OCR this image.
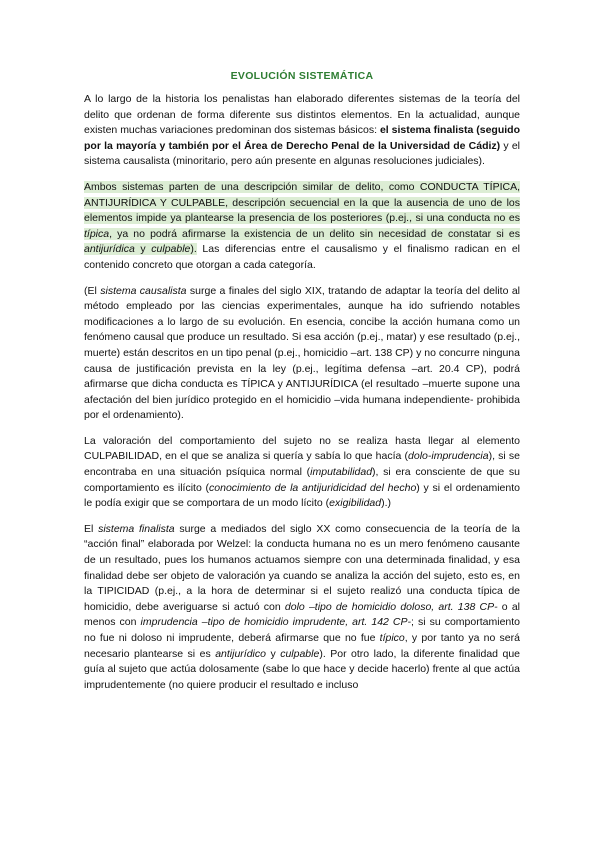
EVOLUCIÓN SISTEMÁTICA

A lo largo de la historia los penalistas han elaborado diferentes sistemas de la teoría del delito que ordenan de forma diferente sus distintos elementos. En la actualidad, aunque existen muchas variaciones predominan dos sistemas básicos: el sistema finalista (seguido por la mayoría y también por el Área de Derecho Penal de la Universidad de Cádiz) y el sistema causalista (minoritario, pero aún presente en algunas resoluciones judiciales).

Ambos sistemas parten de una descripción similar de delito, como CONDUCTA TÍPICA, ANTIJURÍDICA Y CULPABLE, descripción secuencial en la que la ausencia de uno de los elementos impide ya plantearse la presencia de los posteriores (p.ej., si una conducta no es típica, ya no podrá afirmarse la existencia de un delito sin necesidad de constatar si es antijurídica y culpable). Las diferencias entre el causalismo y el finalismo radican en el contenido concreto que otorgan a cada categoría.

(El sistema causalista surge a finales del siglo XIX, tratando de adaptar la teoría del delito al método empleado por las ciencias experimentales, aunque ha ido sufriendo notables modificaciones a lo largo de su evolución. En esencia, concibe la acción humana como un fenómeno causal que produce un resultado. Si esa acción (p.ej., matar) y ese resultado (p.ej., muerte) están descritos en un tipo penal (p.ej., homicidio –art. 138 CP) y no concurre ninguna causa de justificación prevista en la ley (p.ej., legítima defensa –art. 20.4 CP), podrá afirmarse que dicha conducta es TÍPICA y ANTIJURÍDICA (el resultado –muerte supone una afectación del bien jurídico protegido en el homicidio –vida humana independiente- prohibida por el ordenamiento).

La valoración del comportamiento del sujeto no se realiza hasta llegar al elemento CULPABILIDAD, en el que se analiza si quería y sabía lo que hacía (dolo-imprudencia), si se encontraba en una situación psíquica normal (imputabilidad), si era consciente de que su comportamiento es ilícito (conocimiento de la antijuridicidad del hecho) y si el ordenamiento le podía exigir que se comportara de un modo lícito (exigibilidad).)

El sistema finalista surge a mediados del siglo XX como consecuencia de la teoría de la “acción final” elaborada por Welzel: la conducta humana no es un mero fenómeno causante de un resultado, pues los humanos actuamos siempre con una determinada finalidad, y esa finalidad debe ser objeto de valoración ya cuando se analiza la acción del sujeto, esto es, en la TIPICIDAD (p.ej., a la hora de determinar si el sujeto realizó una conducta típica de homicidio, debe averiguarse si actuó con dolo –tipo de homicidio doloso, art. 138 CP- o al menos con imprudencia –tipo de homicidio imprudente, art. 142 CP-; si su comportamiento no fue ni doloso ni imprudente, deberá afirmarse que no fue típico, y por tanto ya no será necesario plantearse si es antijurídico y culpable). Por otro lado, la diferente finalidad que guía al sujeto que actúa dolosamente (sabe lo que hace y decide hacerlo) frente al que actúa imprudentemente (no quiere producir el resultado e incluso
